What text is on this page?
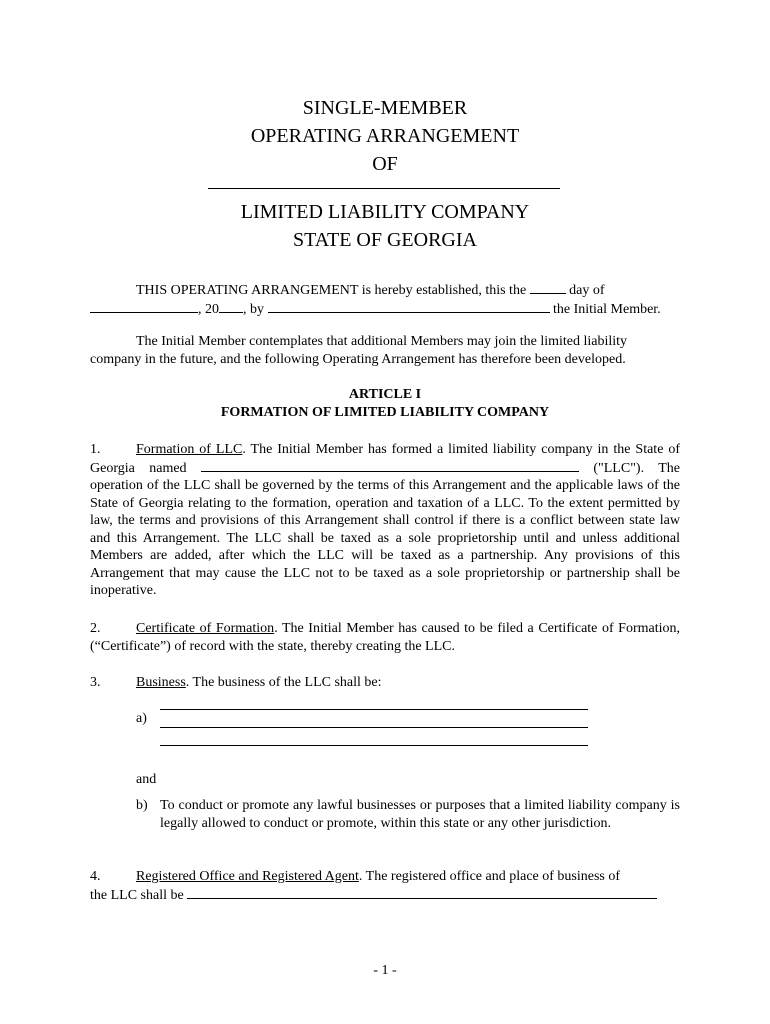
SINGLE-MEMBER
OPERATING ARRANGEMENT
OF
LIMITED LIABILITY COMPANY
STATE OF GEORGIA
THIS OPERATING ARRANGEMENT is hereby established, this the	day of
, 20 , by	the Initial Member.
The Initial Member contemplates that additional Members may join the limited liability company in the future, and the following Operating Arrangement has therefore been developed.
ARTICLE I
FORMATION OF LIMITED LIABILITY COMPANY
1.	Formation of LLC. The Initial Member has formed a limited liability company in the State of Georgia named	("LLC"). The operation of the LLC shall be governed by the terms of this Arrangement and the applicable laws of the State of Georgia relating to the formation, operation and taxation of a LLC. To the extent permitted by law, the terms and provisions of this Arrangement shall control if there is a conflict between state law and this Arrangement. The LLC shall be taxed as a sole proprietorship until and unless additional Members are added, after which the LLC will be taxed as a partnership. Any provisions of this Arrangement that may cause the LLC not to be taxed as a sole proprietorship or partnership shall be inoperative.
2.	Certificate of Formation. The Initial Member has caused to be filed a Certificate of Formation, (“Certificate”) of record with the state, thereby creating the LLC.
3.	Business. The business of the LLC shall be:
a)
and
b) To conduct or promote any lawful businesses or purposes that a limited liability company is legally allowed to conduct or promote, within this state or any other jurisdiction.
4.	Registered Office and Registered Agent. The registered office and place of business of
the LLC shall be
- 1 -
